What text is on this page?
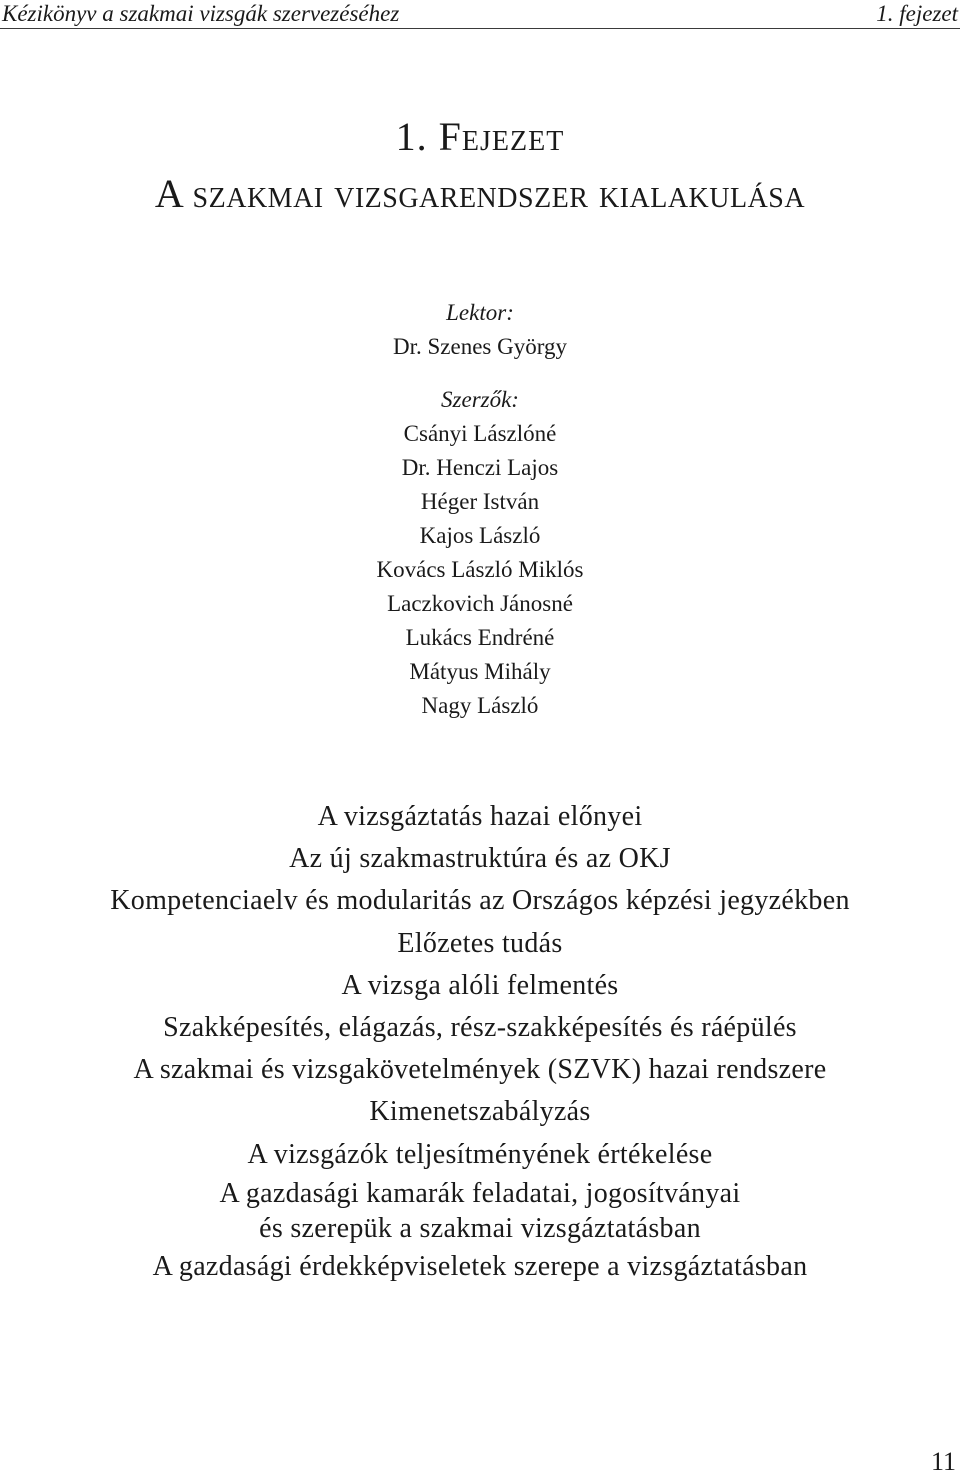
Kézikönyv a szakmai vizsgák szervezéséhez	1. fejezet
1. Fejezet
A szakmai vizsgarendszer kialakulása
Lektor:
Dr. Szenes György
Szerzők:
Csányi Lászlóné
Dr. Henczi Lajos
Héger István
Kajos László
Kovács László Miklós
Laczkovich Jánosné
Lukács Endréné
Mátyus Mihály
Nagy László
A vizsgáztatás hazai előnyei
Az új szakmastruktúra és az OKJ
Kompetenciaelv és modularitás az Országos képzési jegyzékben
Előzetes tudás
A vizsga alóli felmentés
Szakképesítés, elágazás, rész-szakképesítés és ráépülés
A szakmai és vizsgakövetelmények (SZVK) hazai rendszere
Kimenetszabályzás
A vizsgázók teljesítményének értékelése
A gazdasági kamarák feladatai, jogosítványai
és szerepük a szakmai vizsgáztatásban
A gazdasági érdekképviseletek szerepe a vizsgáztatásban
11
